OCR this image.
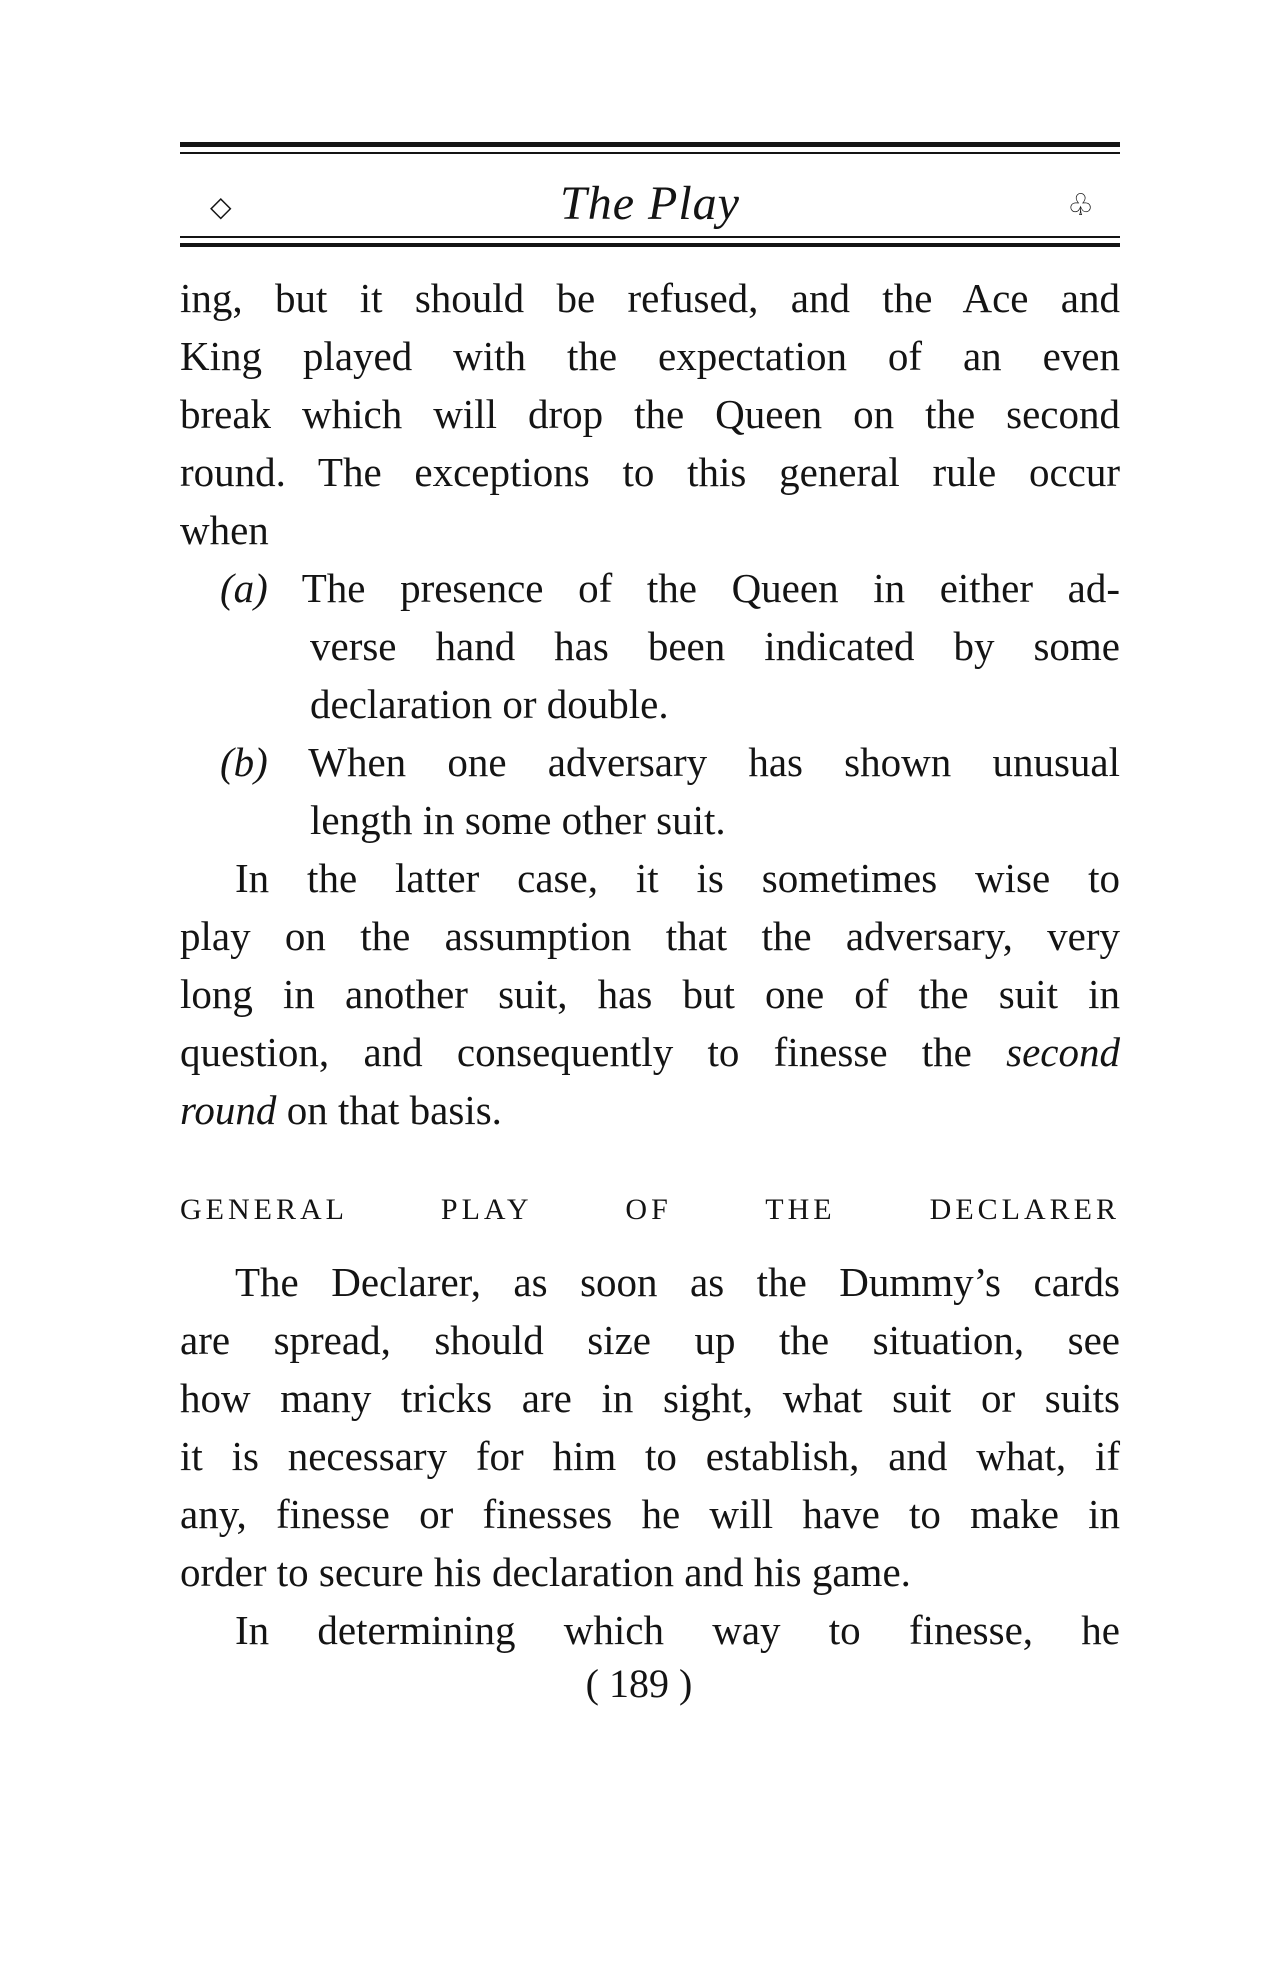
◇	The Play	♧
ing, but it should be refused, and the Ace and
King played with the expectation of an even
break which will drop the Queen on the second
round. The exceptions to this general rule occur
when
(a) The presence of the Queen in either ad-
verse hand has been indicated by some
declaration or double.
(b) When one adversary has shown unusual
length in some other suit.
In the latter case, it is sometimes wise to
play on the assumption that the adversary, very
long in another suit, has but one of the suit in
question, and consequently to finesse the second
round on that basis.
GENERAL PLAY OF THE DECLARER
The Declarer, as soon as the Dummy’s cards
are spread, should size up the situation, see
how many tricks are in sight, what suit or suits
it is necessary for him to establish, and what, if
any, finesse or finesses he will have to make in
order to secure his declaration and his game.
In determining which way to finesse, he
( 189 )
